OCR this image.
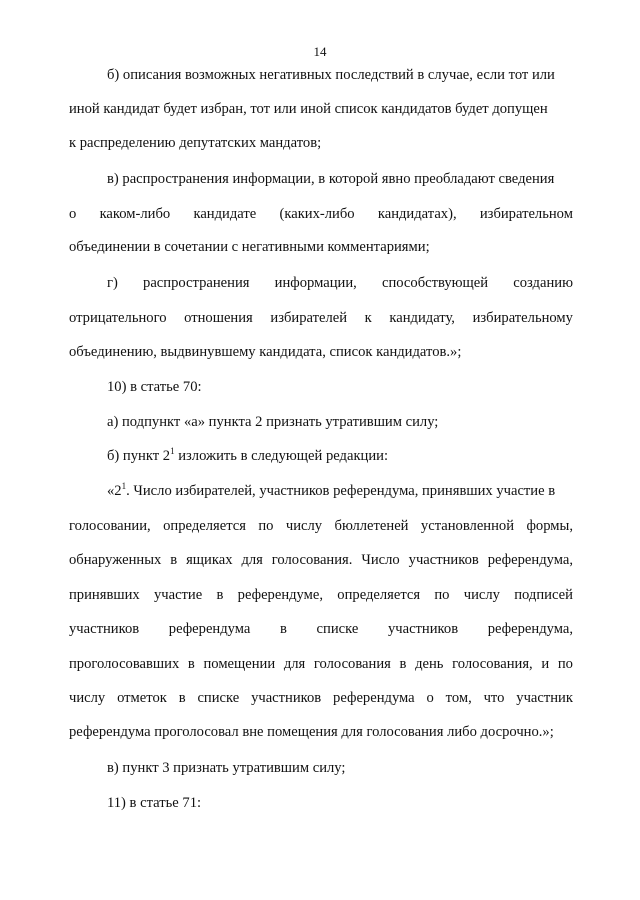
14
б) описания возможных негативных последствий в случае, если тот или
иной кандидат будет избран, тот или иной список кандидатов будет допущен
к распределению депутатских мандатов;
в) распространения информации, в которой явно преобладают сведения
о каком-либо кандидате (каких-либо кандидатах), избирательном
объединении в сочетании с негативными комментариями;
г) распространения информации, способствующей созданию
отрицательного отношения избирателей к кандидату, избирательному
объединению, выдвинувшему кандидата, список кандидатов.»;
10) в статье 70:
а) подпункт «а» пункта 2 признать утратившим силу;
б) пункт $2^1$ изложить в следующей редакции:
«$2^1$. Число избирателей, участников референдума, принявших участие в
голосовании, определяется по числу бюллетеней установленной формы,
обнаруженных в ящиках для голосования. Число участников референдума,
принявших участие в референдуме, определяется по числу подписей
участников референдума в списке участников референдума,
проголосовавших в помещении для голосования в день голосования, и по
числу отметок в списке участников референдума о том, что участник
референдума проголосовал вне помещения для голосования либо досрочно.»;
в) пункт 3 признать утратившим силу;
11) в статье 71:
